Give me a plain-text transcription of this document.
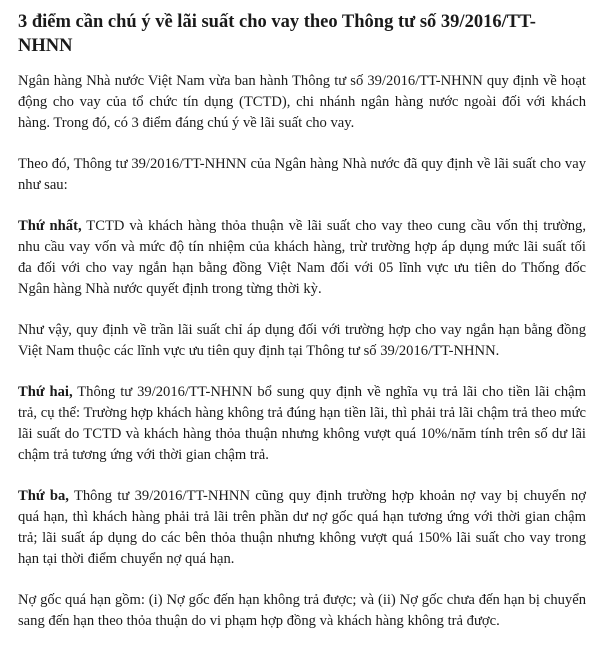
3 điểm cần chú ý về lãi suất cho vay theo Thông tư số 39/2016/TT-NHNN

Ngân hàng Nhà nước Việt Nam vừa ban hành Thông tư số 39/2016/TT-NHNN quy định về hoạt động cho vay của tổ chức tín dụng (TCTD), chi nhánh ngân hàng nước ngoài đối với khách hàng. Trong đó, có 3 điểm đáng chú ý về lãi suất cho vay.

Theo đó, Thông tư 39/2016/TT-NHNN của Ngân hàng Nhà nước đã quy định về lãi suất cho vay như sau:

Thứ nhất, TCTD và khách hàng thỏa thuận về lãi suất cho vay theo cung cầu vốn thị trường, nhu cầu vay vốn và mức độ tín nhiệm của khách hàng, trừ trường hợp áp dụng mức lãi suất tối đa đối với cho vay ngắn hạn bằng đồng Việt Nam đối với 05 lĩnh vực ưu tiên do Thống đốc Ngân hàng Nhà nước quyết định trong từng thời kỳ.

Như vậy, quy định về trần lãi suất chỉ áp dụng đối với trường hợp cho vay ngắn hạn bằng đồng Việt Nam thuộc các lĩnh vực ưu tiên quy định tại Thông tư số 39/2016/TT-NHNN.

Thứ hai, Thông tư 39/2016/TT-NHNN bổ sung quy định về nghĩa vụ trả lãi cho tiền lãi chậm trả, cụ thể: Trường hợp khách hàng không trả đúng hạn tiền lãi, thì phải trả lãi chậm trả theo mức lãi suất do TCTD và khách hàng thỏa thuận nhưng không vượt quá 10%/năm tính trên số dư lãi chậm trả tương ứng với thời gian chậm trả.

Thứ ba, Thông tư 39/2016/TT-NHNN cũng quy định trường hợp khoản nợ vay bị chuyển nợ quá hạn, thì khách hàng phải trả lãi trên phần dư nợ gốc quá hạn tương ứng với thời gian chậm trả; lãi suất áp dụng do các bên thỏa thuận nhưng không vượt quá 150% lãi suất cho vay trong hạn tại thời điểm chuyển nợ quá hạn.

Nợ gốc quá hạn gồm: (i) Nợ gốc đến hạn không trả được; và (ii) Nợ gốc chưa đến hạn bị chuyển sang đến hạn theo thỏa thuận do vi phạm hợp đồng và khách hàng không trả được.
